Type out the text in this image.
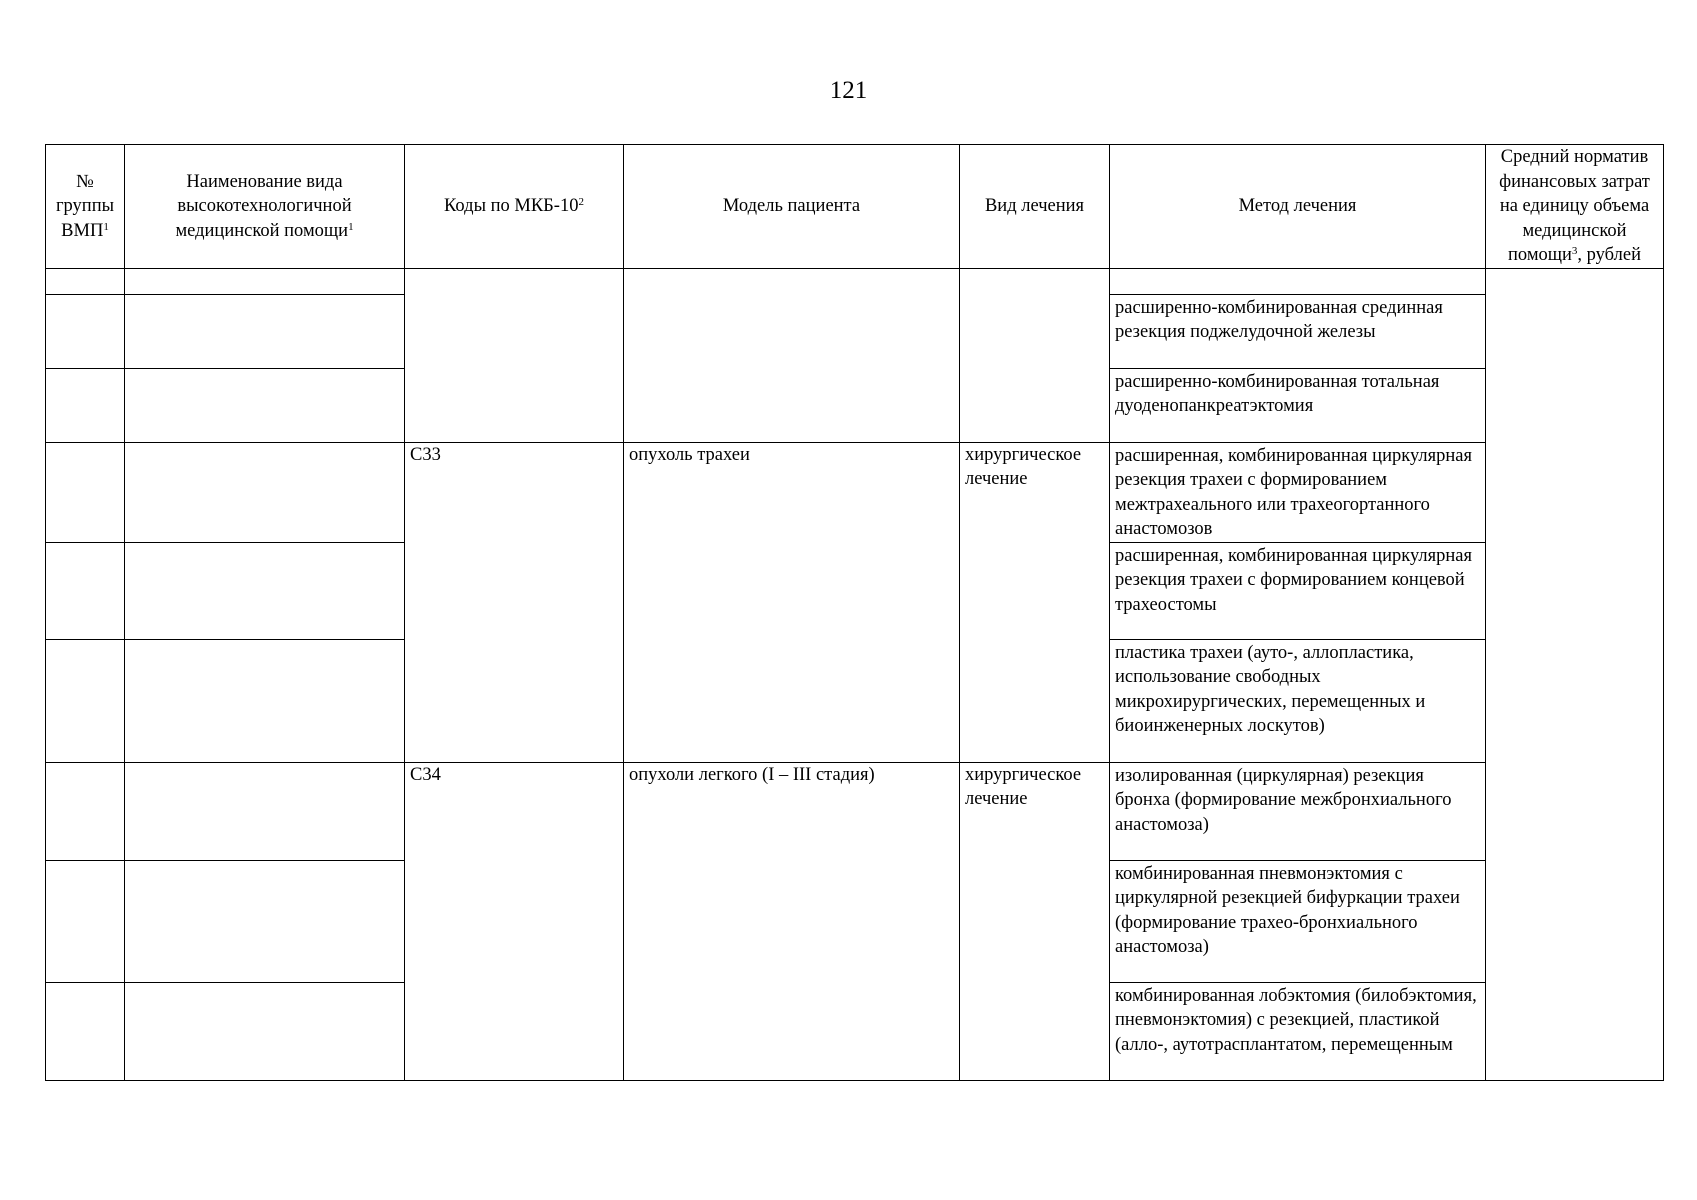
121
№ группы ВМП$^1$	Наименование вида высокотехнологичной медицинской помощи$^1$	Коды по МКБ-$10^2$	Модель пациента	Вид лечения	Метод лечения	Средний норматив финансовых затрат на единицу объема медицинской помощи$^3$, рублей

					расширенно-комбинированная срединная резекция поджелудочной железы	
					расширенно-комбинированная тотальная дуоденопанкреатэктомия	
		C33	опухоль трахеи	хирургическое лечение	расширенная, комбинированная циркулярная резекция трахеи с формированием межтрахеального или трахеогортанного анастомозов	
					расширенная, комбинированная циркулярная резекция трахеи с формированием концевой трахеостомы	
					пластика трахеи (ауто-, аллопластика, использование свободных микрохирургических, перемещенных и биоинженерных лоскутов)	
		C34	опухоли легкого (I – III стадия)	хирургическое лечение	изолированная (циркулярная) резекция бронха (формирование межбронхиального анастомоза)	
					комбинированная пневмонэктомия с циркулярной резекцией бифуркации трахеи (формирование трахео-бронхиального анастомоза)	
					комбинированная лобэктомия (билобэктомия, пневмонэктомия) с резекцией, пластикой (алло-, аутотрасплантатом, перемещенным	
